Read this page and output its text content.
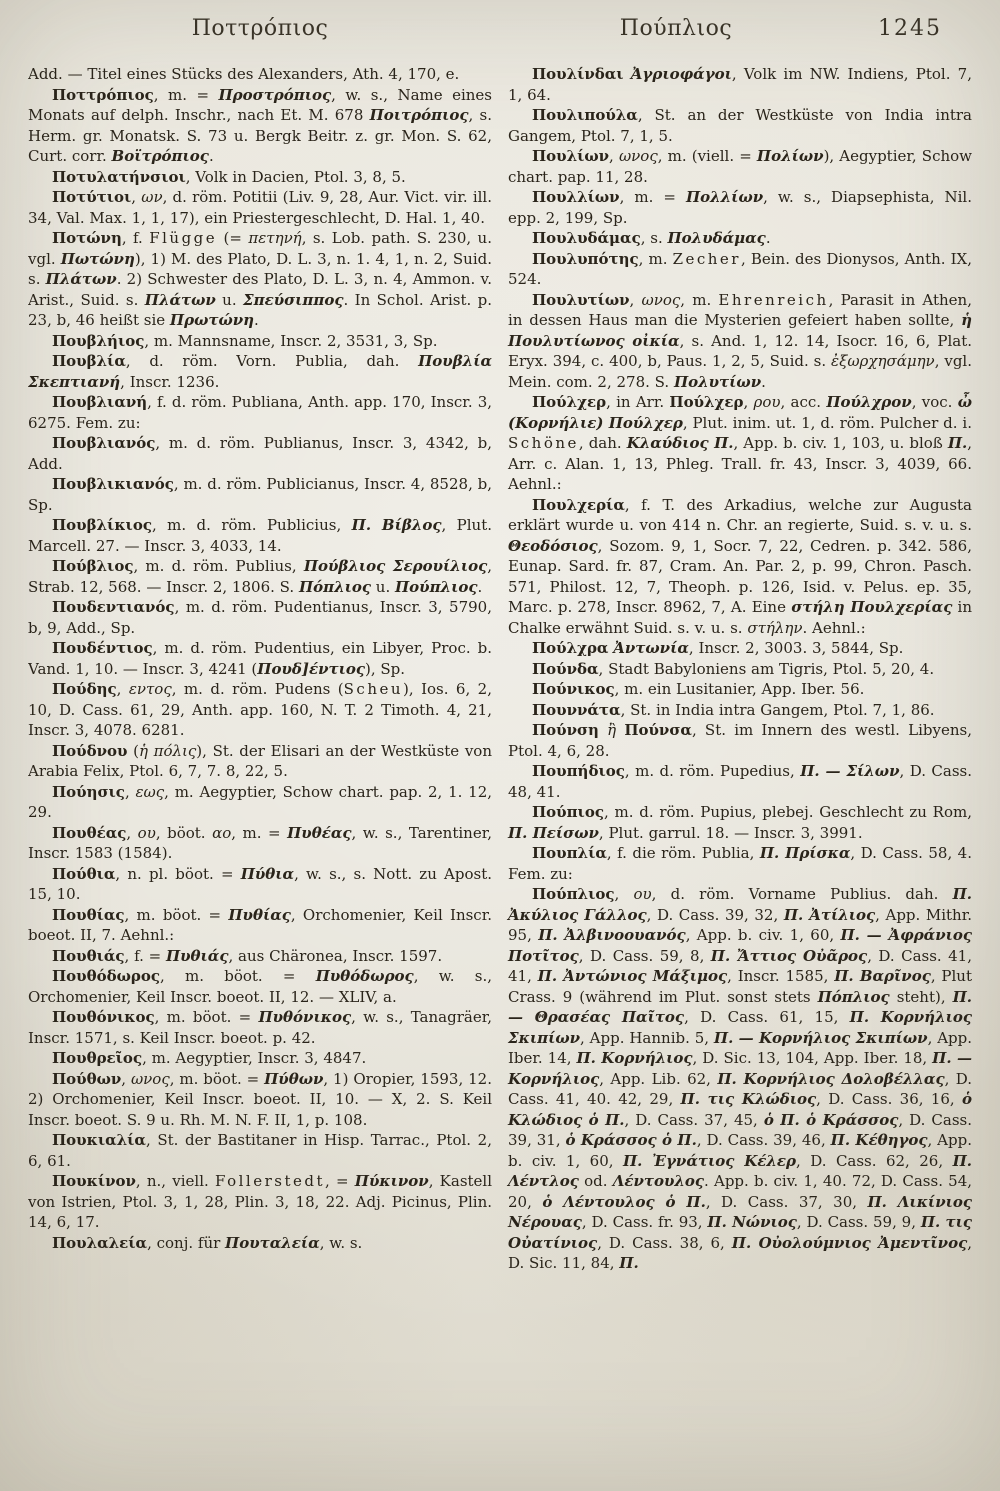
Ποττρόπιος	Πούπλιος	1245

Add. — Titel eines Stücks des Alexanders, Ath. 4, 170, e.

Ποττρόπιος, m. = Προστρόπιος, w. s., Name eines Monats auf delph. Inschr., nach Et. M. 678 Ποιτρόπιος, s. Herm. gr. Monatsk. S. 73 u. Bergk Beitr. z. gr. Mon. S. 62, Curt. corr. Βοϊτρόπιος.

Ποτυλατήνσιοι, Volk in Dacien, Ptol. 3, 8, 5.

Ποτύτιοι, ων, d. röm. Potitii (Liv. 9, 28, Aur. Vict. vir. ill. 34, Val. Max. 1, 1, 17), ein Priestergeschlecht, D. Hal. 1, 40.

Ποτώνη, f. Flügge (= πετηνή, s. Lob. path. S. 230, u. vgl. Πωτώνη), 1) M. des Plato, D. L. 3, n. 1. 4, 1, n. 2, Suid. s. Πλάτων. 2) Schwester des Plato, D. L. 3, n. 4, Ammon. v. Arist., Suid. s. Πλάτων u. Σπεύσιππος. In Schol. Arist. p. 23, b, 46 heißt sie Πρωτώνη.

Πουβλήιος, m. Mannsname, Inscr. 2, 3531, 3, Sp.

Πουβλία, d. röm. Vorn. Publia, dah. Πουβλία Σκεπτιανή, Inscr. 1236.

Πουβλιανή, f. d. röm. Publiana, Anth. app. 170, Inscr. 3, 6275. Fem. zu:

Πουβλιανός, m. d. röm. Publianus, Inscr. 3, 4342, b, Add.

Πουβλικιανός, m. d. röm. Publicianus, Inscr. 4, 8528, b, Sp.

Πουβλίκιος, m. d. röm. Publicius, Π. Βίβλος, Plut. Marcell. 27. — Inscr. 3, 4033, 14.

Πούβλιος, m. d. röm. Publius, Πούβλιος Σερουίλιος, Strab. 12, 568. — Inscr. 2, 1806. S. Πόπλιος u. Πούπλιος.

Πουδεντιανός, m. d. röm. Pudentianus, Inscr. 3, 5790, b, 9, Add., Sp.

Πουδέντιος, m. d. röm. Pudentius, ein Libyer, Proc. b. Vand. 1, 10. — Inscr. 3, 4241 (Πουδ]έντιος), Sp.

Πούδης, εντος, m. d. röm. Pudens (Scheu), Ios. 6, 2, 10, D. Cass. 61, 29, Anth. app. 160, N. T. 2 Timoth. 4, 21, Inscr. 3, 4078. 6281.

Πούδνου (ἡ πόλις), St. der Elisari an der Westküste von Arabia Felix, Ptol. 6, 7, 7. 8, 22, 5.

Πούησις, εως, m. Aegyptier, Schow chart. pap. 2, 1. 12, 29.

Πουθέας, ου, böot. αο, m. = Πυθέας, w. s., Tarentiner, Inscr. 1583 (1584).

Πούθια, n. pl. böot. = Πύθια, w. s., s. Nott. zu Apost. 15, 10.

Πουθίας, m. böot. = Πυθίας, Orchomenier, Keil Inscr. boeot. II, 7. Aehnl.:

Πουθιάς, f. = Πυθιάς, aus Chäronea, Inscr. 1597.

Πουθόδωρος, m. böot. = Πυθόδωρος, w. s., Orchomenier, Keil Inscr. boeot. II, 12. — XLIV, a.

Πουθόνικος, m. böot. = Πυθόνικος, w. s., Tanagräer, Inscr. 1571, s. Keil Inscr. boeot. p. 42.

Πουθρεῖος, m. Aegyptier, Inscr. 3, 4847.

Πούθων, ωνος, m. böot. = Πύθων, 1) Oropier, 1593, 12. 2) Orchomenier, Keil Inscr. boeot. II, 10. — X, 2. S. Keil Inscr. boeot. S. 9 u. Rh. M. N. F. II, 1, p. 108.

Πουκιαλία, St. der Bastitaner in Hisp. Tarrac., Ptol. 2, 6, 61.

Πουκίνον, n., viell. Follerstedt, = Πύκινον, Kastell von Istrien, Ptol. 3, 1, 28, Plin. 3, 18, 22. Adj. Picinus, Plin. 14, 6, 17.

Πουλαλεία, conj. für Πουταλεία, w. s.

Πουλίνδαι Ἀγριοφάγοι, Volk im NW. Indiens, Ptol. 7, 1, 64.

Πουλιπούλα, St. an der Westküste von India intra Gangem, Ptol. 7, 1, 5.

Πουλίων, ωνος, m. (viell. = Πολίων), Aegyptier, Schow chart. pap. 11, 28.

Πουλλίων, m. = Πολλίων, w. s., Diapsephista, Nil. epp. 2, 199, Sp.

Πουλυδάμας, s. Πολυδάμας.

Πουλυπότης, m. Zecher, Bein. des Dionysos, Anth. IX, 524.

Πουλυτίων, ωνος, m. Ehrenreich, Parasit in Athen, in dessen Haus man die Mysterien gefeiert haben sollte, ἡ Πουλυτίωνος οἰκία, s. And. 1, 12. 14, Isocr. 16, 6, Plat. Eryx. 394, c. 400, b, Paus. 1, 2, 5, Suid. s. ἐξωρχησάμην, vgl. Mein. com. 2, 278. S. Πολυτίων.

Πούλχερ, in Arr. Πούλχερ, ρου, acc. Πούλχρον, voc. ὦ (Κορνήλιε) Πούλχερ, Plut. inim. ut. 1, d. röm. Pulcher d. i. Schöne, dah. Κλαύδιος Π., App. b. civ. 1, 103, u. bloß Π., Arr. c. Alan. 1, 13, Phleg. Trall. fr. 43, Inscr. 3, 4039, 66. Aehnl.:

Πουλχερία, f. T. des Arkadius, welche zur Augusta erklärt wurde u. von 414 n. Chr. an regierte, Suid. s. v. u. s. Θεοδόσιος, Sozom. 9, 1, Socr. 7, 22, Cedren. p. 342. 586, Eunap. Sard. fr. 87, Cram. An. Par. 2, p. 99, Chron. Pasch. 571, Philost. 12, 7, Theoph. p. 126, Isid. v. Pelus. ep. 35, Marc. p. 278, Inscr. 8962, 7, A. Eine στήλη Πουλχερίας in Chalke erwähnt Suid. s. v. u. s. στήλην. Aehnl.:

Πούλχρα Ἀντωνία, Inscr. 2, 3003. 3, 5844, Sp.

Πούνδα, Stadt Babyloniens am Tigris, Ptol. 5, 20, 4.

Πούνικος, m. ein Lusitanier, App. Iber. 56.

Πουννάτα, St. in India intra Gangem, Ptol. 7, 1, 86.

Πούνση ἢ Πούνσα, St. im Innern des westl. Libyens, Ptol. 4, 6, 28.

Πουπήδιος, m. d. röm. Pupedius, Π. — Σίλων, D. Cass. 48, 41.

Πούπιος, m. d. röm. Pupius, plebej. Geschlecht zu Rom, Π. Πείσων, Plut. garrul. 18. — Inscr. 3, 3991.

Πουπλία, f. die röm. Publia, Π. Πρίσκα, D. Cass. 58, 4. Fem. zu:

Πούπλιος, ου, d. röm. Vorname Publius. dah. Π. Ἀκύλιος Γάλλος, D. Cass. 39, 32, Π. Ἀτίλιος, App. Mithr. 95, Π. Ἀλβινοουανός, App. b. civ. 1, 60, Π. — Ἀφράνιος Ποτῖτος, D. Cass. 59, 8, Π. Ἄττιος Οὐᾶρος, D. Cass. 41, 41, Π. Ἀντώνιος Μάξιμος, Inscr. 1585, Π. Βαρῖνος, Plut Crass. 9 (während im Plut. sonst stets Πόπλιος steht), Π. — Θρασέας Παῖτος, D. Cass. 61, 15, Π. Κορνήλιος Σκιπίων, App. Hannib. 5, Π. — Κορνήλιος Σκιπίων, App. Iber. 14, Π. Κορνήλιος, D. Sic. 13, 104, App. Iber. 18, Π. — Κορνήλιος, App. Lib. 62, Π. Κορνήλιος Δολοβέλλας, D. Cass. 41, 40. 42, 29, Π. τις Κλώδιος, D. Cass. 36, 16, ὁ Κλώδιος ὁ Π., D. Cass. 37, 45, ὁ Π. ὁ Κράσσος, D. Cass. 39, 31, ὁ Κράσσος ὁ Π., D. Cass. 39, 46, Π. Κέθηγος, App. b. civ. 1, 60, Π. Ἐγνάτιος Κέλερ, D. Cass. 62, 26, Π. Λέντλος od. Λέντουλος. App. b. civ. 1, 40. 72, D. Cass. 54, 20, ὁ Λέντουλος ὁ Π., D. Cass. 37, 30, Π. Λικίνιος Νέρουας, D. Cass. fr. 93, Π. Νώνιος, D. Cass. 59, 9, Π. τις Οὐατίνιος, D. Cass. 38, 6, Π. Οὐολούμνιος Ἀμεντῖνος, D. Sic. 11, 84, Π.
